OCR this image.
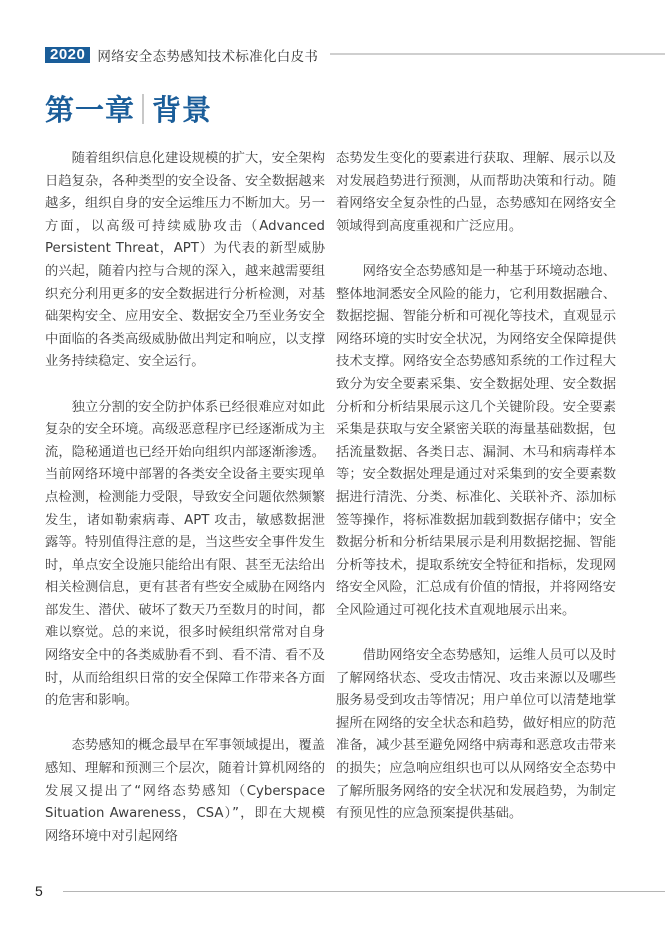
2020 网络安全态势感知技术标准化白皮书
第一章 背景

随着组织信息化建设规模的扩大，安全架构日趋复杂，各种类型的安全设备、安全数据越来越多，组织自身的安全运维压力不断加大。另一方面，以高级可持续威胁攻击（Advanced Persistent Threat，APT）为代表的新型威胁的兴起，随着内控与合规的深入，越来越需要组织充分利用更多的安全数据进行分析检测，对基础架构安全、应用安全、数据安全乃至业务安全中面临的各类高级威胁做出判定和响应，以支撑业务持续稳定、安全运行。

独立分割的安全防护体系已经很难应对如此复杂的安全环境。高级恶意程序已经逐渐成为主流，隐秘通道也已经开始向组织内部逐渐渗透。当前网络环境中部署的各类安全设备主要实现单点检测，检测能力受限，导致安全问题依然频繁发生，诸如勒索病毒、APT 攻击，敏感数据泄露等。特别值得注意的是，当这些安全事件发生时，单点安全设施只能给出有限、甚至无法给出相关检测信息，更有甚者有些安全威胁在网络内部发生、潜伏、破坏了数天乃至数月的时间，都难以察觉。总的来说，很多时候组织常常对自身网络安全中的各类威胁看不到、看不清、看不及时，从而给组织日常的安全保障工作带来各方面的危害和影响。

态势感知的概念最早在军事领域提出，覆盖感知、理解和预测三个层次，随着计算机网络的发展又提出了“网络态势感知（Cyberspace Situation Awareness，CSA）”，即在大规模网络环境中对引起网络

态势发生变化的要素进行获取、理解、展示以及对发展趋势进行预测，从而帮助决策和行动。随着网络安全复杂性的凸显，态势感知在网络安全领域得到高度重视和广泛应用。

网络安全态势感知是一种基于环境动态地、整体地洞悉安全风险的能力，它利用数据融合、数据挖掘、智能分析和可视化等技术，直观显示网络环境的实时安全状况，为网络安全保障提供技术支撑。网络安全态势感知系统的工作过程大致分为安全要素采集、安全数据处理、安全数据分析和分析结果展示这几个关键阶段。安全要素采集是获取与安全紧密关联的海量基础数据，包括流量数据、各类日志、漏洞、木马和病毒样本等；安全数据处理是通过对采集到的安全要素数据进行清洗、分类、标准化、关联补齐、添加标签等操作，将标准数据加载到数据存储中；安全数据分析和分析结果展示是利用数据挖掘、智能分析等技术，提取系统安全特征和指标，发现网络安全风险，汇总成有价值的情报，并将网络安全风险通过可视化技术直观地展示出来。

借助网络安全态势感知，运维人员可以及时了解网络状态、受攻击情况、攻击来源以及哪些服务易受到攻击等情况；用户单位可以清楚地掌握所在网络的安全状态和趋势，做好相应的防范准备，减少甚至避免网络中病毒和恶意攻击带来的损失；应急响应组织也可以从网络安全态势中了解所服务网络的安全状况和发展趋势，为制定有预见性的应急预案提供基础。

5
